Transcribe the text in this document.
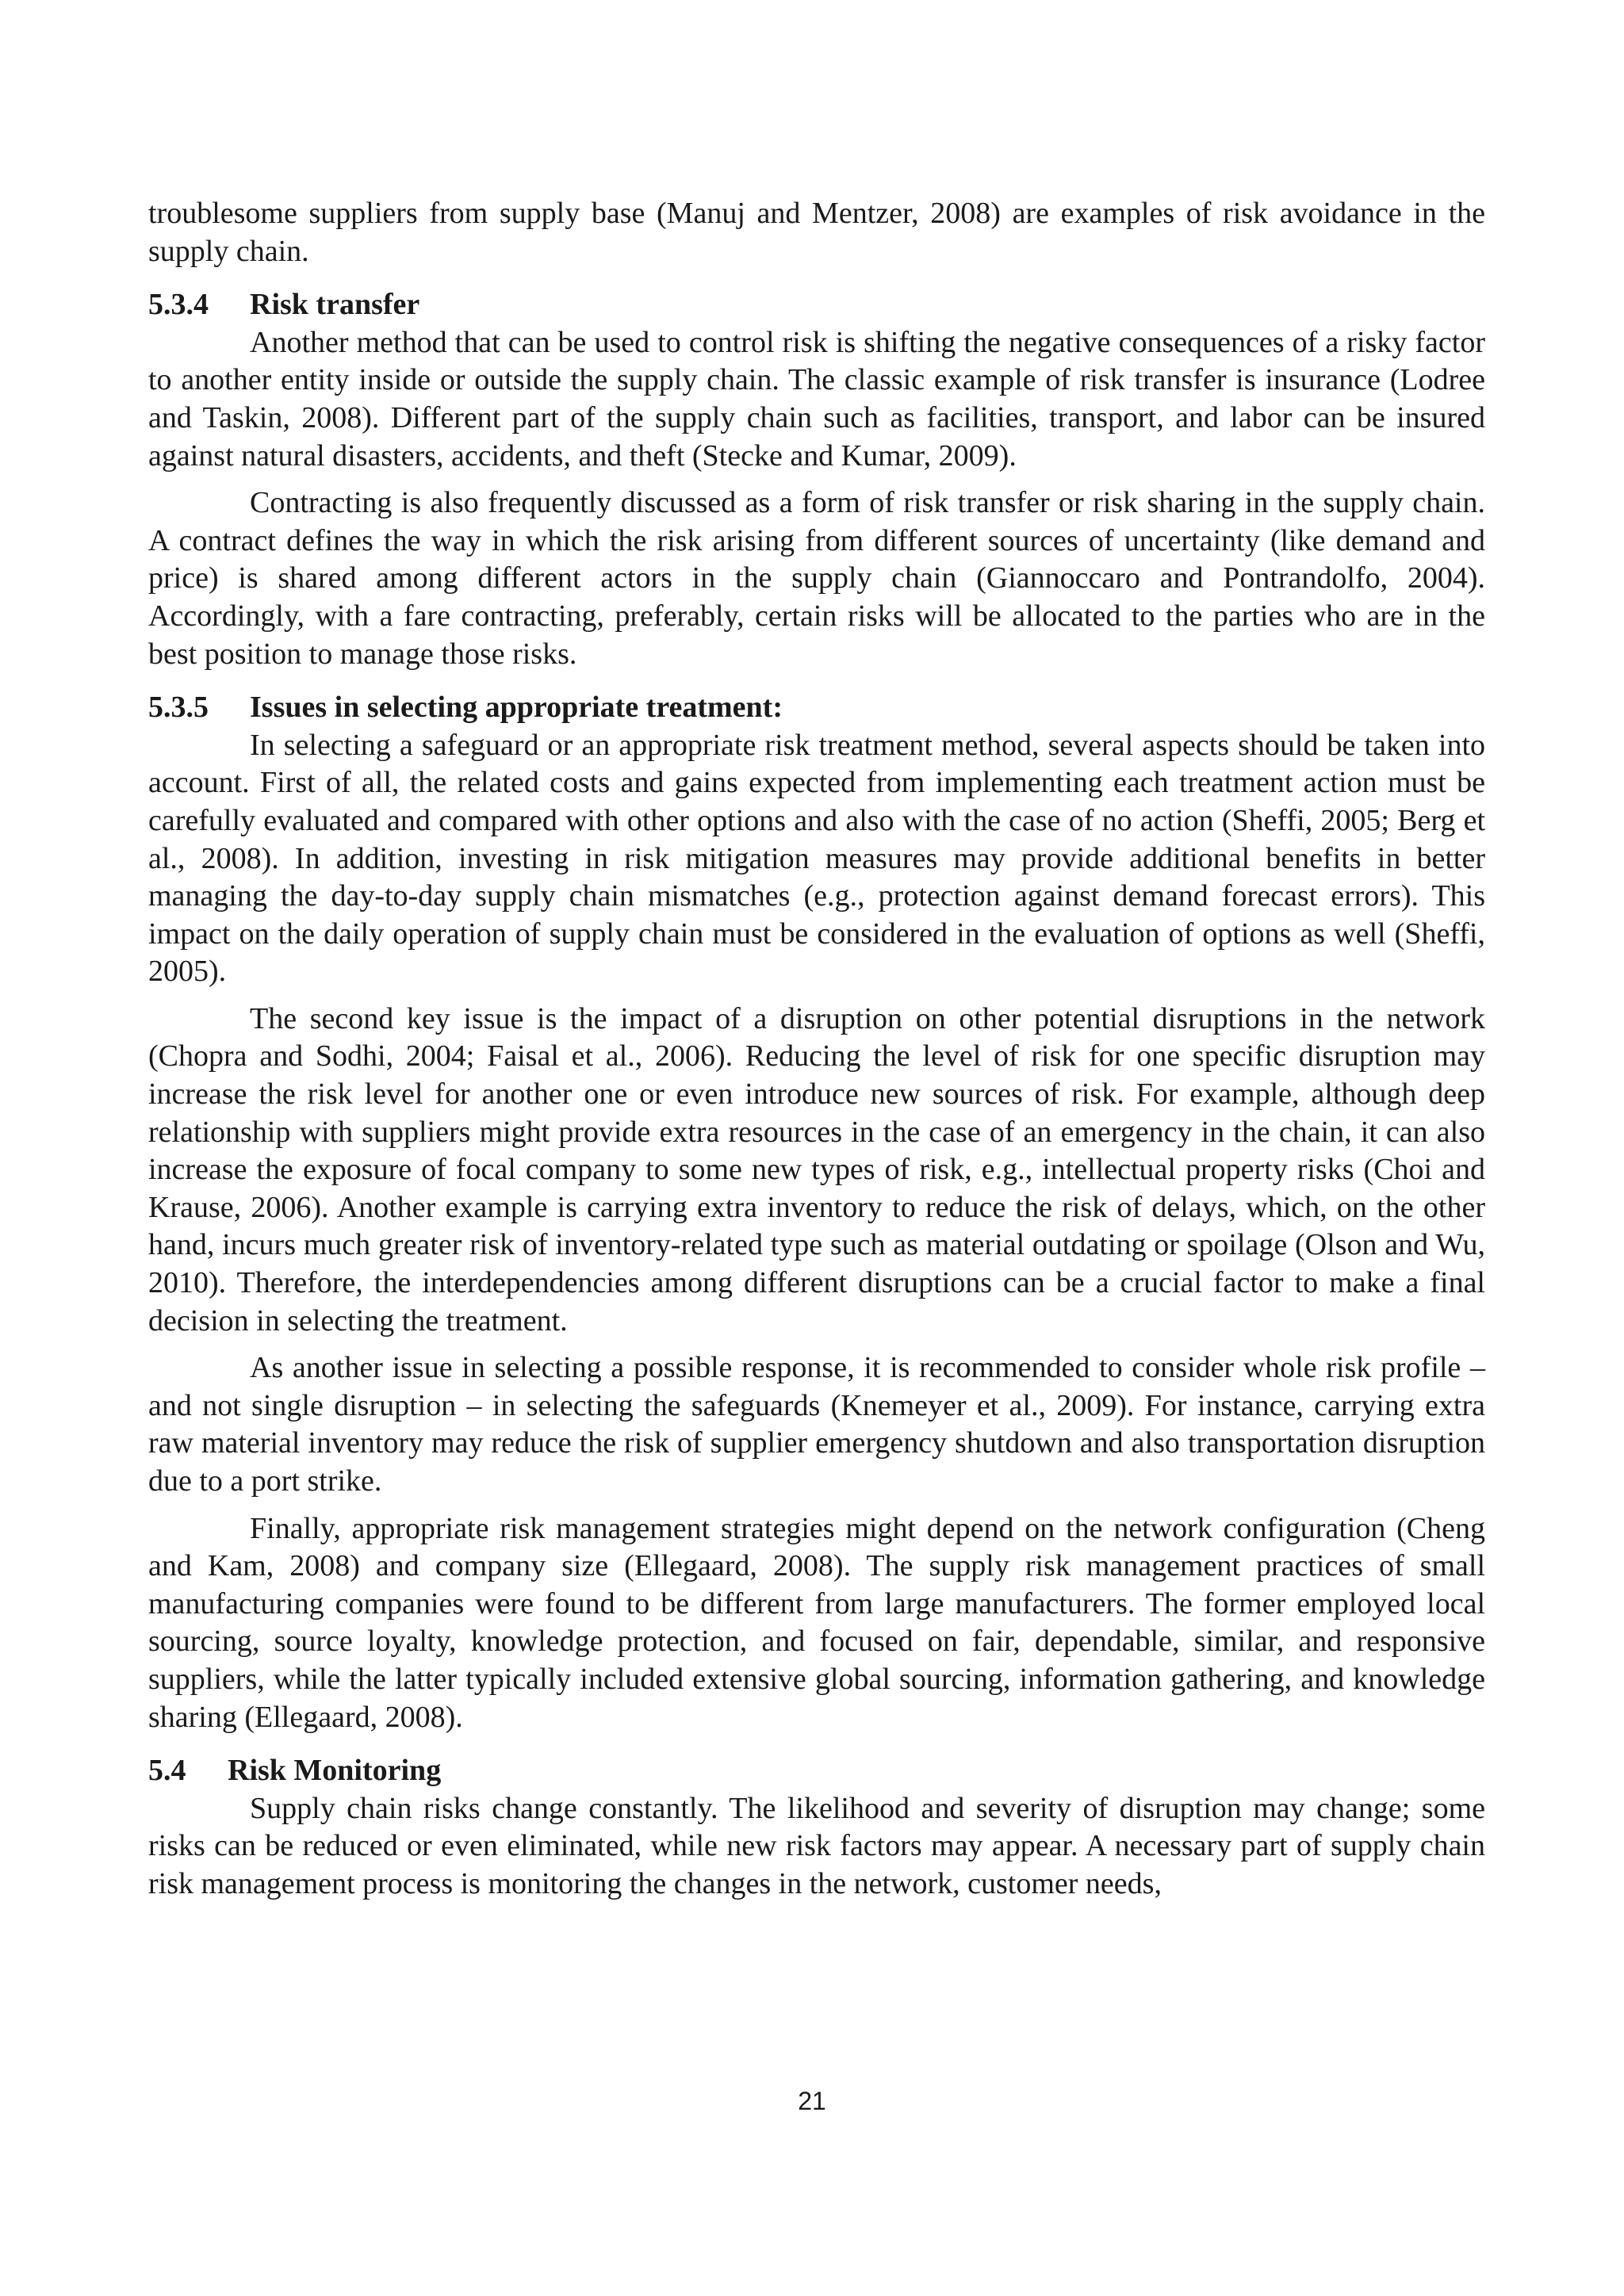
troublesome suppliers from supply base (Manuj and Mentzer, 2008) are examples of risk avoidance in the supply chain.

5.3.4	Risk transfer

Another method that can be used to control risk is shifting the negative consequences of a risky factor to another entity inside or outside the supply chain. The classic example of risk transfer is insurance (Lodree and Taskin, 2008). Different part of the supply chain such as facilities, transport, and labor can be insured against natural disasters, accidents, and theft (Stecke and Kumar, 2009).

Contracting is also frequently discussed as a form of risk transfer or risk sharing in the supply chain. A contract defines the way in which the risk arising from different sources of uncertainty (like demand and price) is shared among different actors in the supply chain (Giannoccaro and Pontrandolfo, 2004). Accordingly, with a fare contracting, preferably, certain risks will be allocated to the parties who are in the best position to manage those risks.

5.3.5	Issues in selecting appropriate treatment:

In selecting a safeguard or an appropriate risk treatment method, several aspects should be taken into account. First of all, the related costs and gains expected from implementing each treatment action must be carefully evaluated and compared with other options and also with the case of no action (Sheffi, 2005; Berg et al., 2008). In addition, investing in risk mitigation measures may provide additional benefits in better managing the day-to-day supply chain mismatches (e.g., protection against demand forecast errors). This impact on the daily operation of supply chain must be considered in the evaluation of options as well (Sheffi, 2005).

The second key issue is the impact of a disruption on other potential disruptions in the network (Chopra and Sodhi, 2004; Faisal et al., 2006). Reducing the level of risk for one specific disruption may increase the risk level for another one or even introduce new sources of risk. For example, although deep relationship with suppliers might provide extra resources in the case of an emergency in the chain, it can also increase the exposure of focal company to some new types of risk, e.g., intellectual property risks (Choi and Krause, 2006). Another example is carrying extra inventory to reduce the risk of delays, which, on the other hand, incurs much greater risk of inventory-related type such as material outdating or spoilage (Olson and Wu, 2010). Therefore, the interdependencies among different disruptions can be a crucial factor to make a final decision in selecting the treatment.

As another issue in selecting a possible response, it is recommended to consider whole risk profile – and not single disruption – in selecting the safeguards (Knemeyer et al., 2009). For instance, carrying extra raw material inventory may reduce the risk of supplier emergency shutdown and also transportation disruption due to a port strike.

Finally, appropriate risk management strategies might depend on the network configuration (Cheng and Kam, 2008) and company size (Ellegaard, 2008). The supply risk management practices of small manufacturing companies were found to be different from large manufacturers. The former employed local sourcing, source loyalty, knowledge protection, and focused on fair, dependable, similar, and responsive suppliers, while the latter typically included extensive global sourcing, information gathering, and knowledge sharing (Ellegaard, 2008).

5.4	Risk Monitoring

Supply chain risks change constantly. The likelihood and severity of disruption may change; some risks can be reduced or even eliminated, while new risk factors may appear. A necessary part of supply chain risk management process is monitoring the changes in the network, customer needs,

21
